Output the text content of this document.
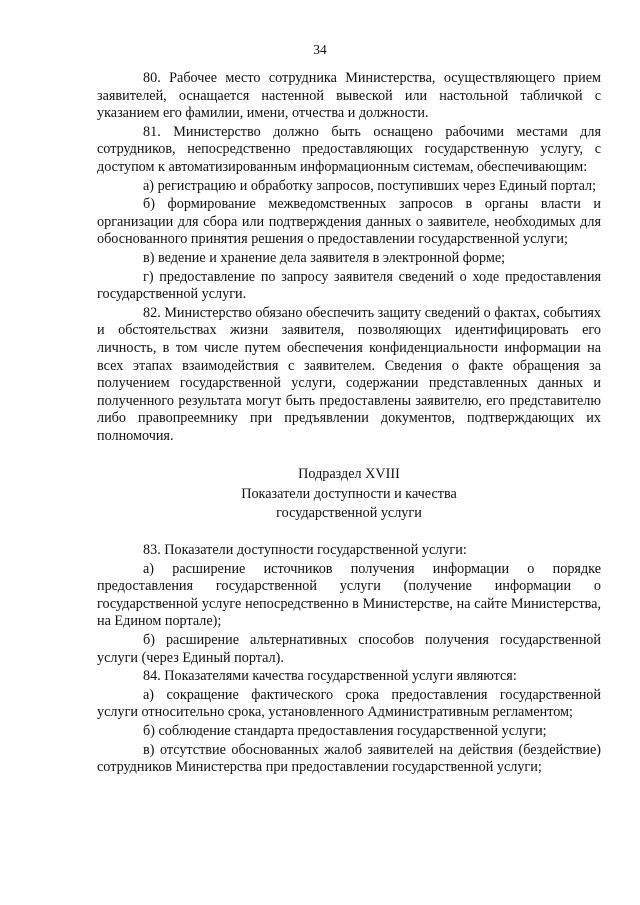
34

80. Рабочее место сотрудника Министерства, осуществляющего прием заявителей, оснащается настенной вывеской или настольной табличкой с указанием его фамилии, имени, отчества и должности.

81. Министерство должно быть оснащено рабочими местами для сотрудников, непосредственно предоставляющих государственную услугу, с доступом к автоматизированным информационным системам, обеспечивающим:

а) регистрацию и обработку запросов, поступивших через Единый портал;

б) формирование межведомственных запросов в органы власти и организации для сбора или подтверждения данных о заявителе, необходимых для обоснованного принятия решения о предоставлении государственной услуги;

в) ведение и хранение дела заявителя в электронной форме;

г) предоставление по запросу заявителя сведений о ходе предоставления государственной услуги.

82. Министерство обязано обеспечить защиту сведений о фактах, событиях и обстоятельствах жизни заявителя, позволяющих идентифицировать его личность, в том числе путем обеспечения конфиденциальности информации на всех этапах взаимодействия с заявителем. Сведения о факте обращения за получением государственной услуги, содержании представленных данных и полученного результата могут быть предоставлены заявителю, его представителю либо правопреемнику при предъявлении документов, подтверждающих их полномочия.

Подраздел XVIII
Показатели доступности и качества
государственной услуги

83. Показатели доступности государственной услуги:

а) расширение источников получения информации о порядке предоставления государственной услуги (получение информации о государственной услуге непосредственно в Министерстве, на сайте Министерства, на Едином портале);

б) расширение альтернативных способов получения государственной услуги (через Единый портал).

84. Показателями качества государственной услуги являются:

а) сокращение фактического срока предоставления государственной услуги относительно срока, установленного Административным регламентом;

б) соблюдение стандарта предоставления государственной услуги;

в) отсутствие обоснованных жалоб заявителей на действия (бездействие) сотрудников Министерства при предоставлении государственной услуги;
